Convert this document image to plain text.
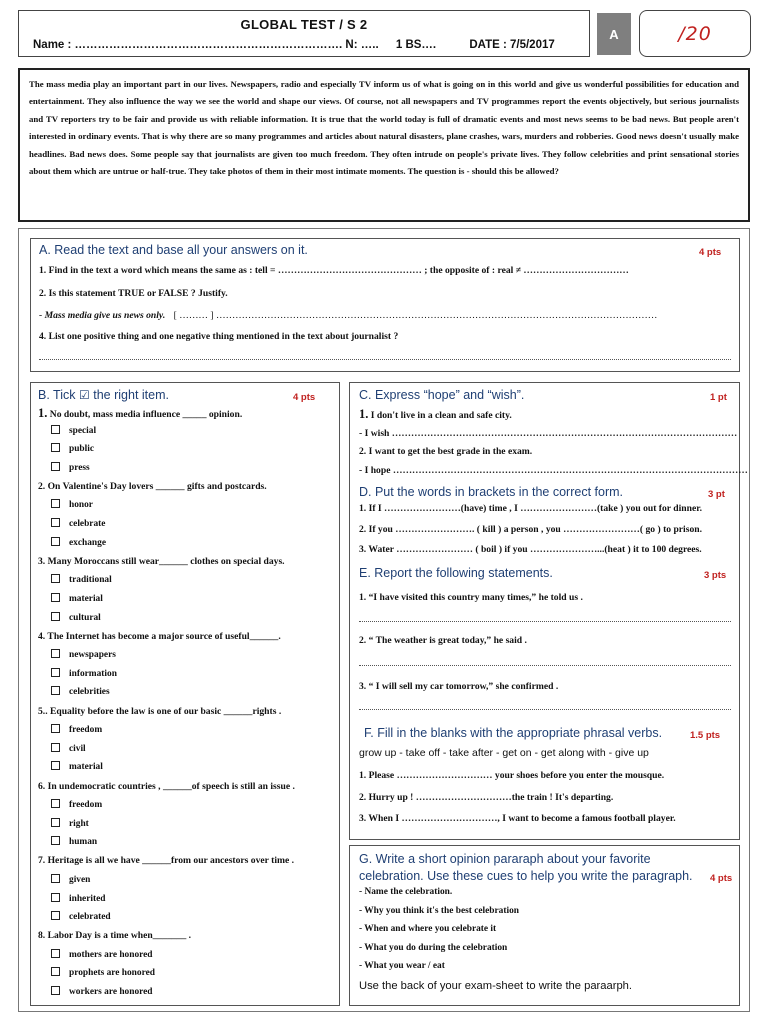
GLOBAL TEST / S 2
Name : ……………………………………………………………. N: ….. 1 BS….	DATE : 7/5/2017
A	/20
The mass media play an important part in our lives. Newspapers, radio and especially TV inform us of what is going on in this world and give us wonderful possibilities for education and entertainment. They also influence the way we see the world and shape our views. Of course, not all newspapers and TV programmes report the events objectively, but serious journalists and TV reporters try to be fair and provide us with reliable information. It is true that the world today is full of dramatic events and most news seems to be bad news. But people aren't interested in ordinary events. That is why there are so many programmes and articles about natural disasters, plane crashes, wars, murders and robberies. Good news doesn't usually make headlines. Bad news does. Some people say that journalists are given too much freedom. They often intrude on people's private lives. They follow celebrities and print sensational stories about them which are untrue or half-true. They take photos of them in their most intimate moments. The question is - should this be allowed?
A. Read the text and base all your answers on it.	4 pts
1. Find in the text a word which means the same as : tell = ……………………………………… ; the opposite of : real ≠ ……………………………
2. Is this statement TRUE or FALSE ? Justify.
- Mass media give us news only. [ ……… ] …………………………………………………………………………………………………………………………
4. List one positive thing and one negative thing mentioned in the text about journalist ?
B. Tick ☑ the right item.	4 pts
1. No doubt, mass media influence _____ opinion.
special
public
press
2. On Valentine's Day lovers ______ gifts and postcards.
honor
celebrate
exchange
3. Many Moroccans still wear______ clothes on special days.
traditional
material
cultural
4. The Internet has become a major source of useful______.
newspapers
information
celebrities
5.. Equality before the law is one of our basic ______rights .
freedom
civil
material
6. In undemocratic countries , ______of speech is still an issue .
freedom
right
human
7. Heritage is all we have ______from our ancestors over time .
given
inherited
celebrated
8. Labor Day is a time when_______ .
mothers are honored
prophets are honored
workers are honored
C. Express “hope” and “wish”.	1 pt
1. I don't live in a clean and safe city.
- I wish ………………………………………………………………………………………………
2. I want to get the best grade in the exam.
- I hope …………………………………………………………………………………………………
D. Put the words in brackets in the correct form.	3 pt
1. If I ……………………(have) time , I ……………………(take ) you out for dinner.
2. If you ……………………. ( kill ) a person , you ……………………( go ) to prison.
3. Water …………………… ( boil ) if you …………………...(heat ) it to 100 degrees.
E. Report the following statements.	3 pts
1. “I have visited this country many times,” he told us .
2. “ The weather is great today,” he said .
3. “ I will sell my car tomorrow,” she confirmed .
F. Fill in the blanks with the appropriate phrasal verbs.	1.5 pts
grow up - take off - take after - get on - get along with - give up
1. Please ………………………… your shoes before you enter the mousque.
2. Hurry up ! …………………………the train ! It's departing.
3. When I …………………………, I want to become a famous football player.
G. Write a short opinion pararaph about your favorite
celebration. Use these cues to help you write the paragraph. 4 pts
- Name the celebration.
- Why you think it's the best celebration
- When and where you celebrate it
- What you do during the celebration
- What you wear / eat
Use the back of your exam-sheet to write the paraarph.
